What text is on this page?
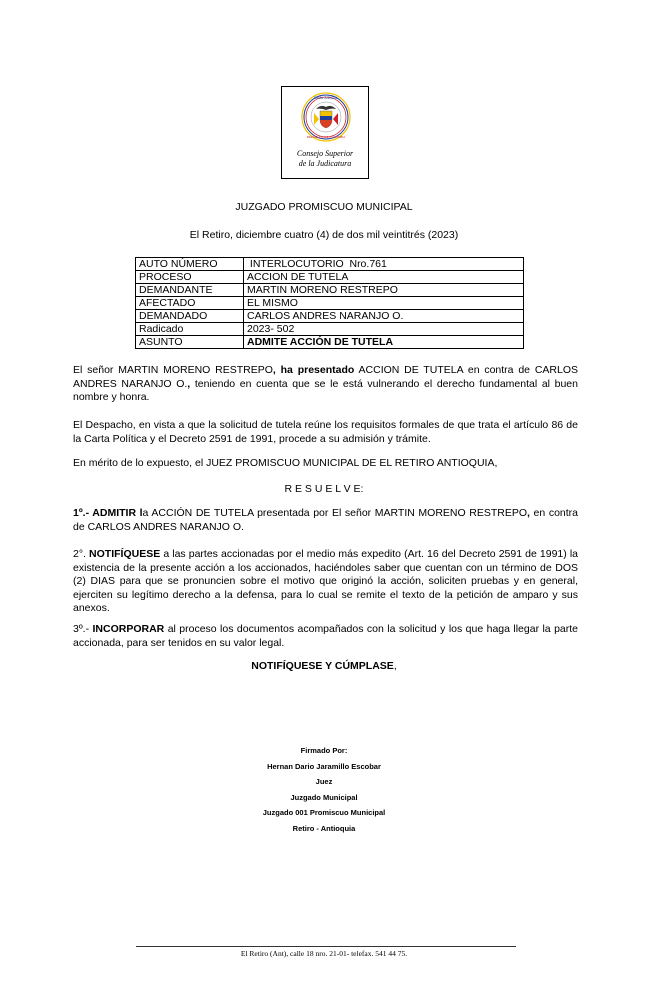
RAMA JUDICIAL
REPÚBLICA DE COLOMBIA
Consejo Superior
de la Judicatura
JUZGADO PROMISCUO MUNICIPAL
El Retiro, diciembre cuatro (4) de dos mil veintitrés (2023)
AUTO NÚMERO	INTERLOCUTORIO  Nro.761
PROCESO	ACCION DE TUTELA
DEMANDANTE	MARTIN MORENO RESTREPO
AFECTADO	EL MISMO
DEMANDADO	CARLOS ANDRES NARANJO O.
Radicado	2023- 502
ASUNTO	ADMITE ACCIÓN DE TUTELA

El señor MARTIN MORENO RESTREPO, ha presentado ACCION DE TUTELA en contra de CARLOS ANDRES NARANJO O., teniendo en cuenta que se le está vulnerando el derecho fundamental al buen nombre y honra.

El Despacho, en vista a que la solicitud de tutela reúne los requisitos formales de que trata el artículo 86 de la Carta Política y el Decreto 2591 de 1991, procede a su admisión y trámite.

En mérito de lo expuesto, el JUEZ PROMISCUO MUNICIPAL DE EL RETIRO ANTIOQUIA,

R E S U E L V E:

1º.- ADMITIR la ACCIÓN DE TUTELA presentada por El señor MARTIN MORENO RESTREPO, en contra de CARLOS ANDRES NARANJO O.

2°. NOTIFÍQUESE a las partes accionadas por el medio más expedito (Art. 16 del Decreto 2591 de 1991) la existencia de la presente acción a los accionados, haciéndoles saber que cuentan con un término de DOS (2) DIAS para que se pronuncien sobre el motivo que originó la acción, soliciten pruebas y en general, ejerciten su legítimo derecho a la defensa, para lo cual se remite el texto de la petición de amparo y sus anexos.

3º.- INCORPORAR al proceso los documentos acompañados con la solicitud y los que haga llegar la parte accionada, para ser tenidos en su valor legal.

NOTIFÍQUESE Y CÚMPLASE,
Firmado Por:
Hernan Dario Jaramillo Escobar
Juez
Juzgado Municipal
Juzgado 001 Promiscuo Municipal
Retiro - Antioquia
El Retiro (Ant), calle 18 nro. 21-01- telefax. 541 44 75.
